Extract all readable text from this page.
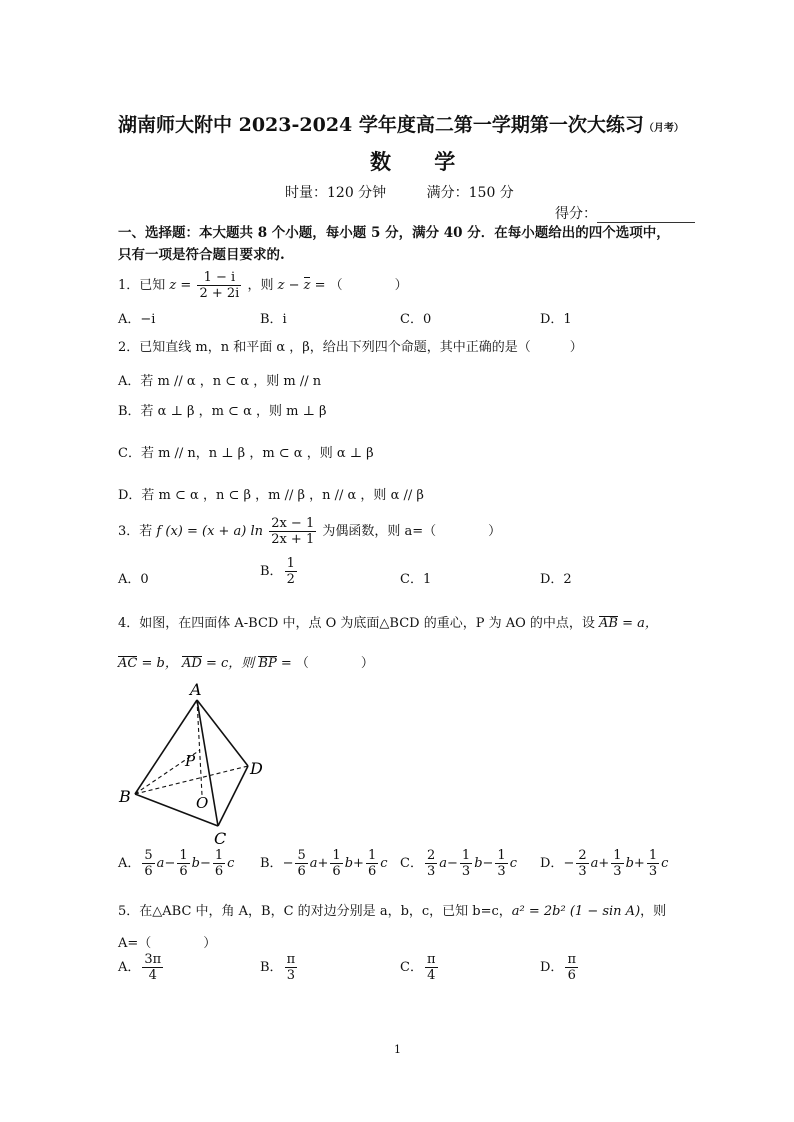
湖南师大附中 2023-2024 学年度高二第一学期第一次大练习（月考）
数 学
时量：120 分钟	满分：150 分
得分：
一、选择题：本大题共 8 个小题，每小题 5 分，满分 40 分．在每小题给出的四个选项中，
只有一项是符合题目要求的.
1．已知 $z = \frac{1 - i}{2 + 2i}$ ，则 z − z = （　　　　）
A．−i	B．i	C．0	D．1
2．已知直线 m，n 和平面 α ，β，给出下列四个命题，其中正确的是（　　　）
A．若 m // α ，n ⊂ α ，则 m // n
B．若 α ⊥ β ，m ⊂ α ，则 m ⊥ β
C．若 m // n，n ⊥ β ，m ⊂ α ，则 α ⊥ β
D．若 m ⊂ α ，n ⊂ β ，m // β ，n // α ，则 α // β
3．若 f (x) = (x + a) $\ln \frac{2x - 1}{2x + 1}$ 为偶函数，则 a=（　　　　）
A．0
B． $\frac{1}{2}$	C．1	D．2
4．如图，在四面体 A-BCD 中，点 O 为底面△BCD 的重心，P 为 AO 的中点，设 AB = a，
AC = b， AD = c，则 BP = （　　　　）
A
B
C
D
P
O
A． $\frac{5}{6} a- \frac{1}{6} b- \frac{1}{6}$ c B．− $\frac{5}{6} a+ \frac{1}{6} b+ \frac{1}{6}$ c C． $\frac{2}{3} a- \frac{1}{3} b- \frac{1}{3}$ c D．− $\frac{2}{3} a+ \frac{1}{3} b+ \frac{1}{3}$ c
5．在△ABC 中，角 A，B，C 的对边分别是 a，b，c，已知 b=c，a² = 2b² (1 − sin A)，则
A=（　　　　）
A． $\frac{3\pi}{4}$	B． $\frac{\pi}{3}$	C． $\frac{\pi}{4}$	D． $\frac{\pi}{6}$
1
